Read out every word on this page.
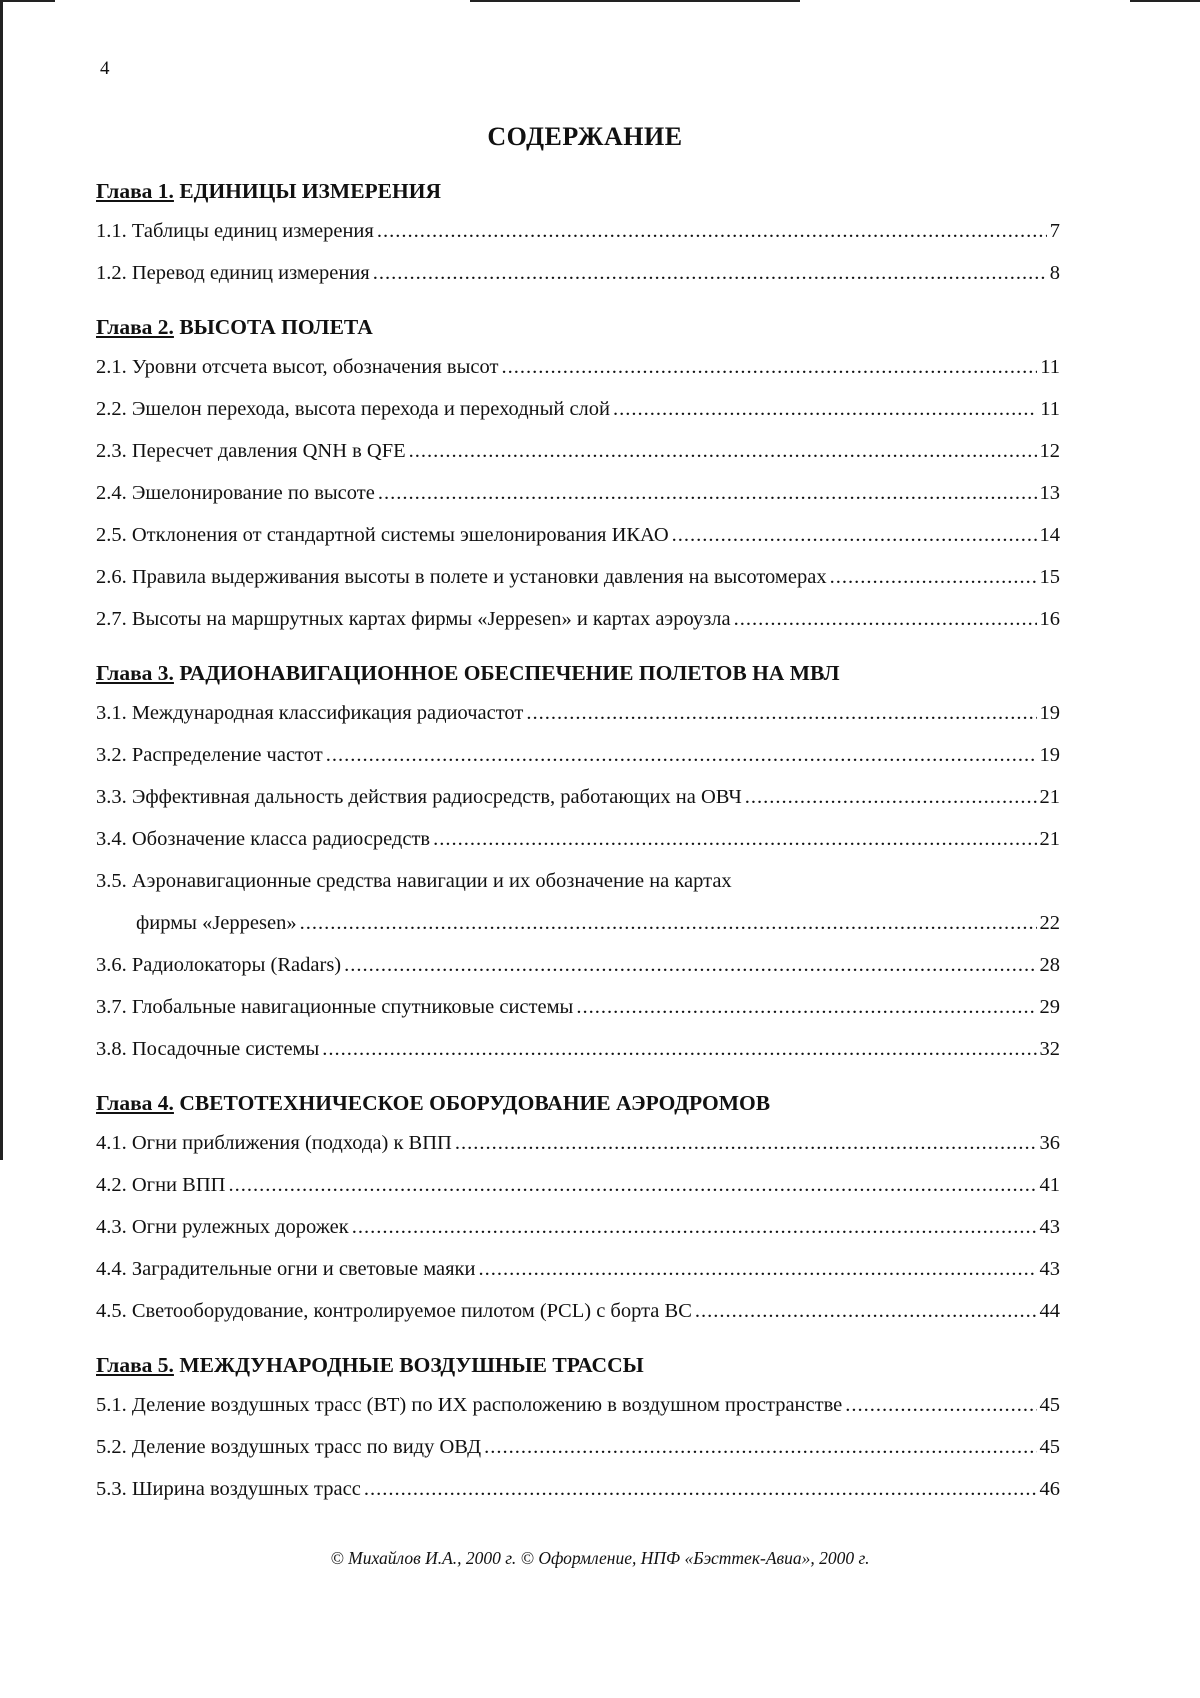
4
СОДЕРЖАНИЕ
Глава 1. ЕДИНИЦЫ ИЗМЕРЕНИЯ
1.1. Таблицы единиц измерения .....	7
1.2. Перевод единиц измерения .....	8
Глава 2. ВЫСОТА ПОЛЕТА
2.1. Уровни отсчета высот, обозначения высот .....	11
2.2. Эшелон перехода, высота перехода и переходный слой .....	11
2.3. Пересчет давления QNH в QFE .....	12
2.4. Эшелонирование по высоте .....	13
2.5. Отклонения от стандартной системы эшелонирования ИКАО .....	14
2.6. Правила выдерживания высоты в полете и установки давления на высотомерах .....	15
2.7. Высоты на маршрутных картах фирмы «Jeppesen» и картах аэроузла .....	16
Глава 3. РАДИОНАВИГАЦИОННОЕ ОБЕСПЕЧЕНИЕ ПОЛЕТОВ НА МВЛ
3.1. Международная классификация радиочастот .....	19
3.2. Распределение частот .....	19
3.3. Эффективная дальность действия радиосредств, работающих на ОВЧ .....	21
3.4. Обозначение класса радиосредств .....	21
3.5. Аэронавигационные средства навигации и их обозначение на картах
фирмы «Jeppesen» .....	22
3.6. Радиолокаторы (Radars) .....	28
3.7. Глобальные навигационные спутниковые системы .....	29
3.8. Посадочные системы .....	32
Глава 4. СВЕТОТЕХНИЧЕСКОЕ ОБОРУДОВАНИЕ АЭРОДРОМОВ
4.1. Огни приближения (подхода) к ВПП .....	36
4.2. Огни ВПП .....	41
4.3. Огни рулежных дорожек .....	43
4.4. Заградительные огни и световые маяки .....	43
4.5. Светооборудование, контролируемое пилотом (PCL) с борта ВС .....	44
Глава 5. МЕЖДУНАРОДНЫЕ ВОЗДУШНЫЕ ТРАССЫ
5.1. Деление воздушных трасс (ВТ) по ИХ расположению в воздушном пространстве .....	45
5.2. Деление воздушных трасс по виду ОВД .....	45
5.3. Ширина воздушных трасс .....	46
© Михайлов И.А., 2000 г. © Оформление, НПФ «Бэсттек-Авиа», 2000 г.
